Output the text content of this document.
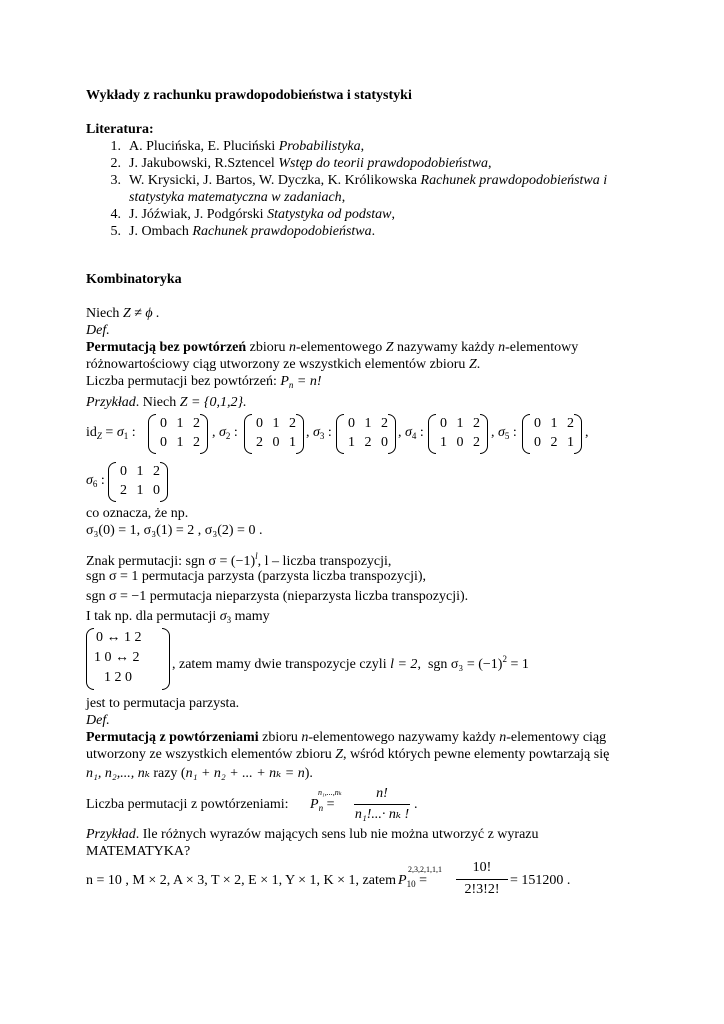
Wykłady z rachunku prawdopodobieństwa i statystyki
Literatura:
1. A. Plucińska, E. Pluciński Probabilistyka,
2. J. Jakubowski, R.Sztencel Wstęp do teorii prawdopodobieństwa,
3. W. Krysicki, J. Bartos, W. Dyczka, K. Królikowska Rachunek prawdopodobieństwa i
statystyka matematyczna w zadaniach,
4. J. Jóźwiak, J. Podgórski Statystyka od podstaw,
5. J. Ombach Rachunek prawdopodobieństwa.
Kombinatoryka
Niech Z ≠ ϕ .
Def.
Permutacją bez powtórzeń zbioru n-elementowego Z nazywamy każdy n-elementowy
różnowartościowy ciąg utworzony ze wszystkich elementów zbioru Z.
Liczba permutacji bez powtórzeń: $P_n = n$!
Przykład. Niech Z = {0,1,2}.
$id_Z = \sigma_1$ :
0 1 2
0 1 2
, $\sigma_2$ :
0 1 2
2 0 1
, $\sigma_3$ :
0 1 2
1 2 0
, $\sigma_4$ :
0 1 2
1 0 2
, $\sigma_5$ :
0 1 2
0 2 1
,
$\sigma_6$ :
0 1 2
2 1 0
co oznacza, że np.
σ₃(0) = 1, σ₃(1) = 2 , σ₃(2) = 0 .
Znak permutacji: sgn $\sigma = (-1)^l$, l – liczba transpozycji,
sgn σ = 1 permutacja parzysta (parzysta liczba transpozycji),
sgn σ = −1 permutacja nieparzysta (nieparzysta liczba transpozycji).
I tak np. dla permutacji $\sigma_3$ mamy
0 ↔ 1 2
1 0 ↔ 2
1 2 0
, zatem mamy dwie transpozycje czyli l = 2,  sgn $\sigma_3 = (-1)^2 = 1$
jest to permutacja parzysta.
Def.
Permutacją z powtórzeniami zbioru n-elementowego nazywamy każdy n-elementowy ciąg
utworzony ze wszystkich elementów zbioru Z, wśród których pewne elementy powtarzają się
n₁, n₂,..., nₖ razy (n₁ + n₂ + ... + nₖ = n).
Liczba permutacji z powtórzeniami: $P_n$ =
n₁,...,nₖ	n!
n₁!...· nₖ !
.
Przykład. Ile różnych wyrazów mających sens lub nie można utworzyć z wyrazu
MATEMATYKA?
n = 10 , M × 2, A × 3, T × 2, E × 1, Y × 1, K × 1, zatem $P_{10}$ =
2,3,2,1,1,1	10!
2!3!2!
= 151200 .
